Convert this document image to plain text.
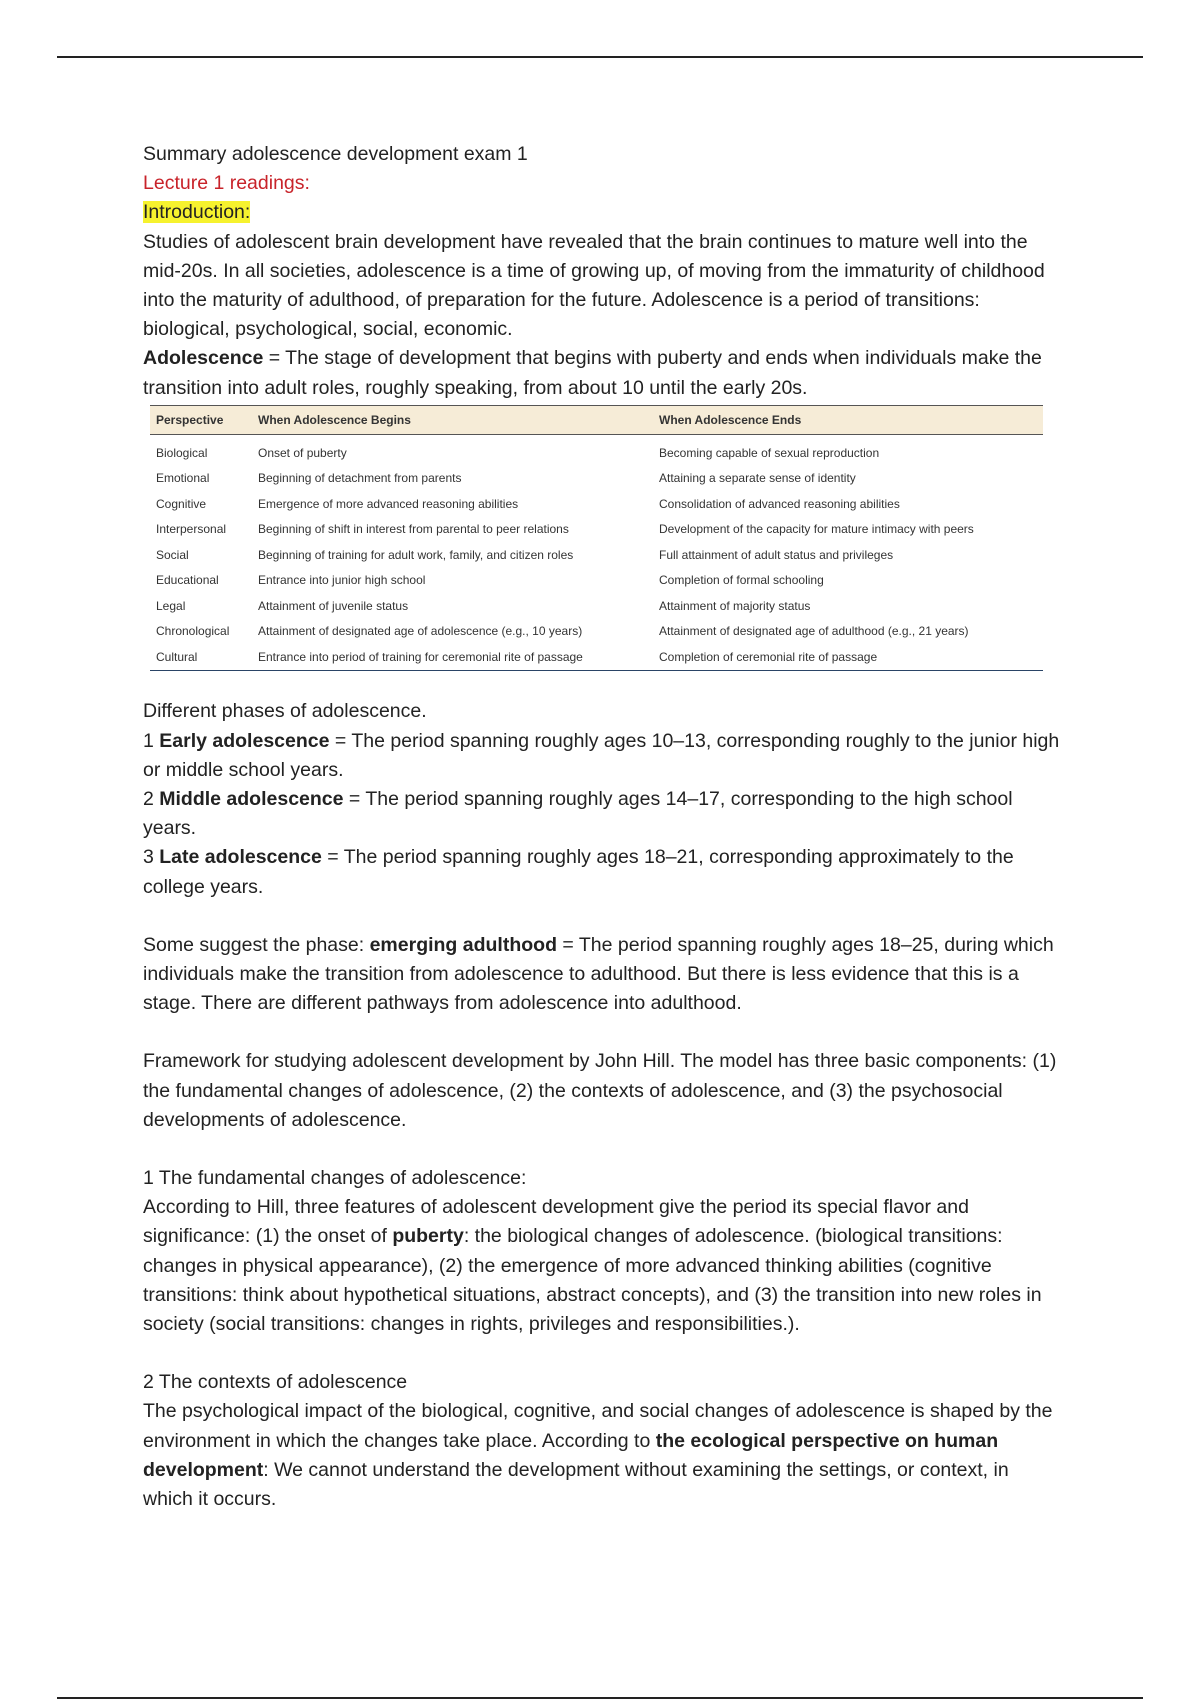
Summary adolescence development exam 1

Lecture 1 readings:

Introduction:

Studies of adolescent brain development have revealed that the brain continues to mature well into the mid-20s. In all societies, adolescence is a time of growing up, of moving from the immaturity of childhood into the maturity of adulthood, of preparation for the future. Adolescence is a period of transitions: biological, psychological, social, economic.

Adolescence = The stage of development that begins with puberty and ends when individuals make the transition into adult roles, roughly speaking, from about 10 until the early 20s.

Perspective	When Adolescence Begins	When Adolescence Ends
Biological	Onset of puberty	Becoming capable of sexual reproduction
Emotional	Beginning of detachment from parents	Attaining a separate sense of identity
Cognitive	Emergence of more advanced reasoning abilities	Consolidation of advanced reasoning abilities
Interpersonal	Beginning of shift in interest from parental to peer relations	Development of the capacity for mature intimacy with peers
Social	Beginning of training for adult work, family, and citizen roles	Full attainment of adult status and privileges
Educational	Entrance into junior high school	Completion of formal schooling
Legal	Attainment of juvenile status	Attainment of majority status
Chronological	Attainment of designated age of adolescence (e.g., 10 years)	Attainment of designated age of adulthood (e.g., 21 years)
Cultural	Entrance into period of training for ceremonial rite of passage	Completion of ceremonial rite of passage

Different phases of adolescence.

1 Early adolescence = The period spanning roughly ages 10–13, corresponding roughly to the junior high or middle school years.

2 Middle adolescence = The period spanning roughly ages 14–17, corresponding to the high school years.

3 Late adolescence = The period spanning roughly ages 18–21, corresponding approximately to the college years.

Some suggest the phase: emerging adulthood = The period spanning roughly ages 18–25, during which individuals make the transition from adolescence to adulthood. But there is less evidence that this is a stage. There are different pathways from adolescence into adulthood.

Framework for studying adolescent development by John Hill. The model has three basic components: (1) the fundamental changes of adolescence, (2) the contexts of adolescence, and (3) the psychosocial developments of adolescence.

1 The fundamental changes of adolescence:

According to Hill, three features of adolescent development give the period its special flavor and significance: (1) the onset of puberty: the biological changes of adolescence. (biological transitions: changes in physical appearance), (2) the emergence of more advanced thinking abilities (cognitive transitions: think about hypothetical situations, abstract concepts), and (3) the transition into new roles in society (social transitions: changes in rights, privileges and responsibilities.).

2 The contexts of adolescence

The psychological impact of the biological, cognitive, and social changes of adolescence is shaped by the environment in which the changes take place. According to the ecological perspective on human development: We cannot understand the development without examining the settings, or context, in which it occurs.
